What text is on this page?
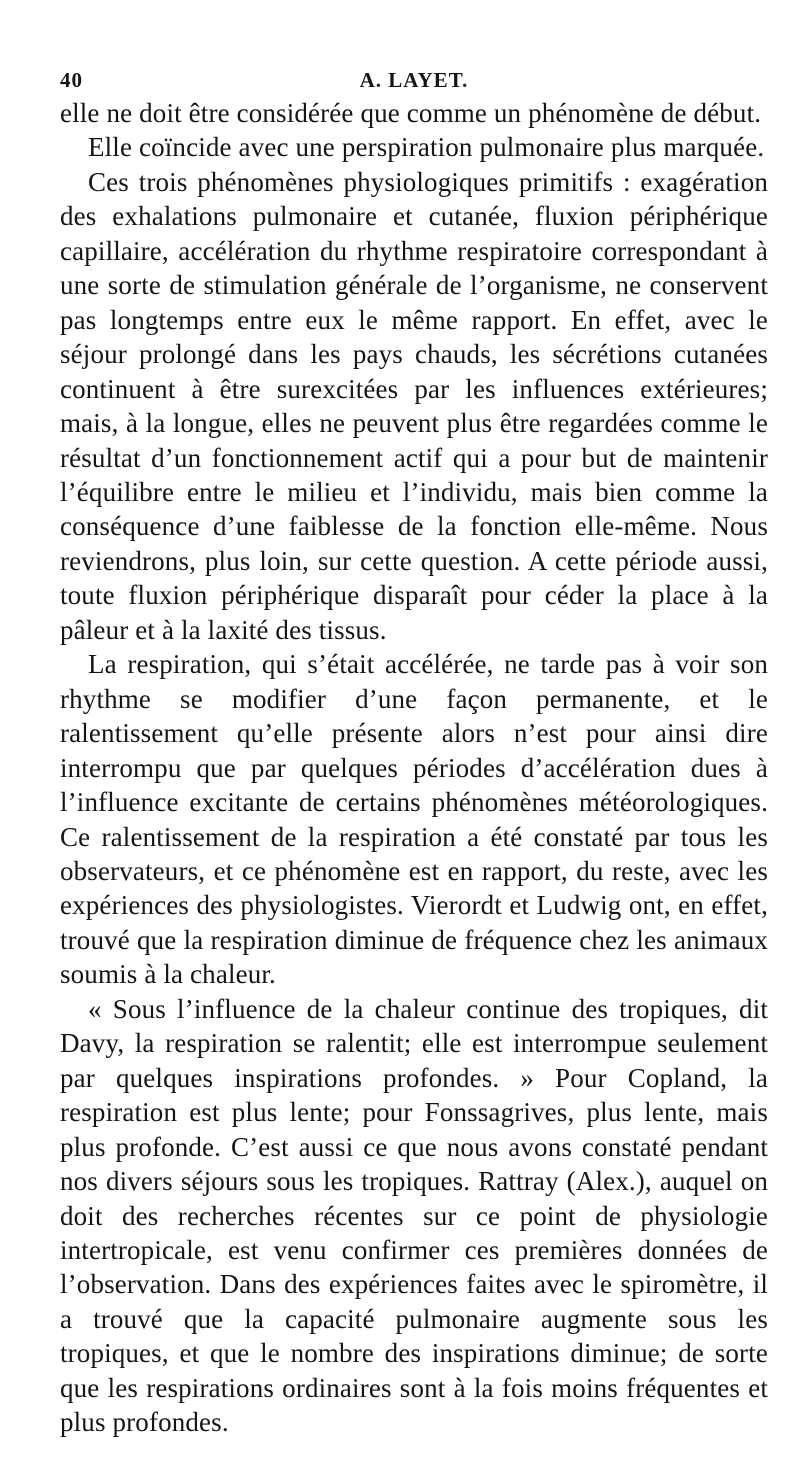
40	A. LAYET.

elle ne doit être considérée que comme un phénomène de début.

Elle coïncide avec une perspiration pulmonaire plus marquée.

Ces trois phénomènes physiologiques primitifs : exagération des exhalations pulmonaire et cutanée, fluxion périphérique capillaire, accélération du rhythme respiratoire correspondant à une sorte de stimulation générale de l’organisme, ne conservent pas longtemps entre eux le même rapport. En effet, avec le séjour prolongé dans les pays chauds, les sécrétions cutanées continuent à être surexcitées par les influences extérieures; mais, à la longue, elles ne peuvent plus être regardées comme le résultat d’un fonctionnement actif qui a pour but de maintenir l’équilibre entre le milieu et l’individu, mais bien comme la conséquence d’une faiblesse de la fonction elle-même. Nous reviendrons, plus loin, sur cette question. A cette période aussi, toute fluxion périphérique disparaît pour céder la place à la pâleur et à la laxité des tissus.

La respiration, qui s’était accélérée, ne tarde pas à voir son rhythme se modifier d’une façon permanente, et le ralentissement qu’elle présente alors n’est pour ainsi dire interrompu que par quelques périodes d’accélération dues à l’influence excitante de certains phénomènes météorologiques. Ce ralentissement de la respiration a été constaté par tous les observateurs, et ce phénomène est en rapport, du reste, avec les expériences des physiologistes. Vierordt et Ludwig ont, en effet, trouvé que la respiration diminue de fréquence chez les animaux soumis à la chaleur.

« Sous l’influence de la chaleur continue des tropiques, dit Davy, la respiration se ralentit; elle est interrompue seulement par quelques inspirations profondes. » Pour Copland, la respiration est plus lente; pour Fonssagrives, plus lente, mais plus profonde. C’est aussi ce que nous avons constaté pendant nos divers séjours sous les tropiques. Rattray (Alex.), auquel on doit des recherches récentes sur ce point de physiologie intertropicale, est venu confirmer ces premières données de l’observation. Dans des expériences faites avec le spiromètre, il a trouvé que la capacité pulmonaire augmente sous les tropiques, et que le nombre des inspirations diminue; de sorte que les respirations ordinaires sont à la fois moins fréquentes et plus profondes.
